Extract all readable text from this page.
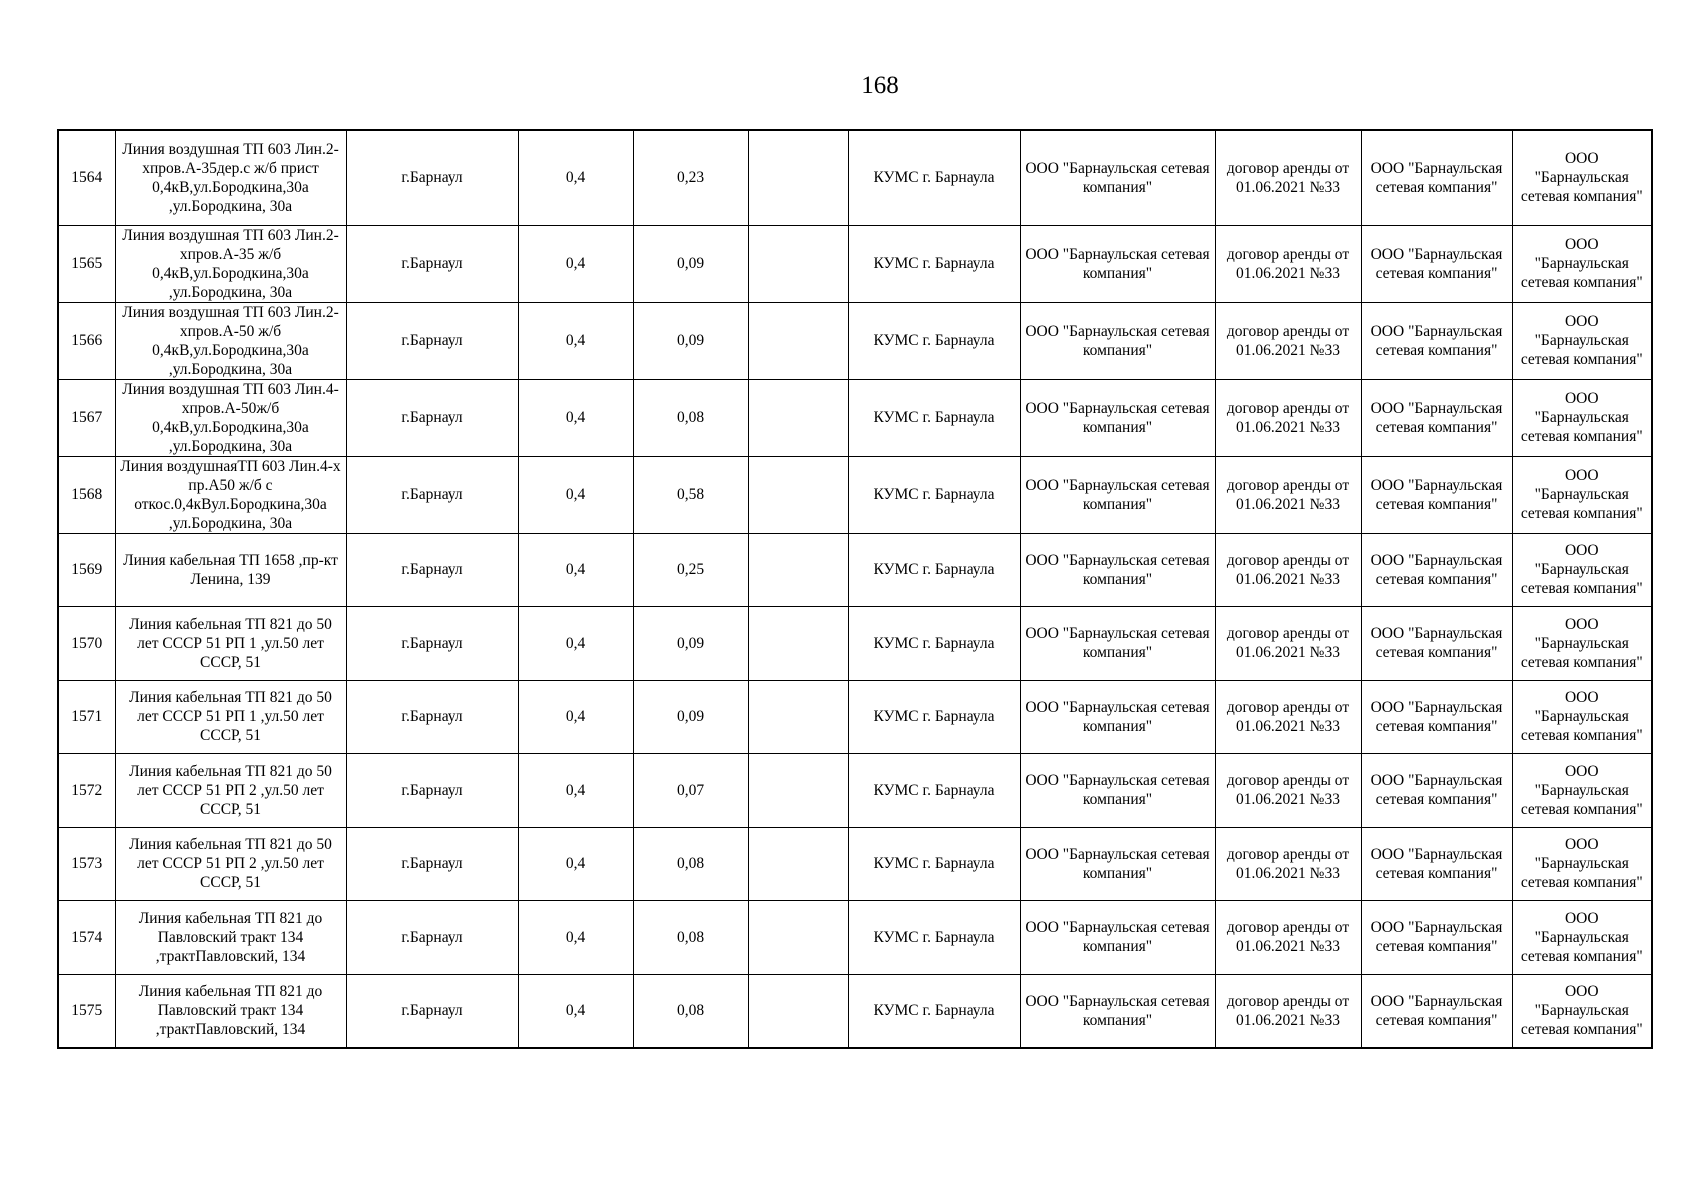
168
1564	Линия воздушная ТП 603 Лин.2-хпров.А-35дер.с ж/б прист 0,4кВ,ул.Бородкина,30а ,ул.Бородкина, 30а	г.Барнаул	0,4	0,23		КУМС г. Барнаула	ООО "Барнаульская сетевая компания"	договор аренды от 01.06.2021 №33	ООО "Барнаульская сетевая компания"	ООО "Барнаульская сетевая компания"

1565	Линия воздушная ТП 603 Лин.2-хпров.А-35 ж/б 0,4кВ,ул.Бородкина,30а ,ул.Бородкина, 30а	г.Барнаул	0,4	0,09		КУМС г. Барнаула	ООО "Барнаульская сетевая компания"	договор аренды от 01.06.2021 №33	ООО "Барнаульская сетевая компания"	ООО "Барнаульская сетевая компания"

1566	Линия воздушная ТП 603 Лин.2-хпров.А-50 ж/б 0,4кВ,ул.Бородкина,30а ,ул.Бородкина, 30а	г.Барнаул	0,4	0,09		КУМС г. Барнаула	ООО "Барнаульская сетевая компания"	договор аренды от 01.06.2021 №33	ООО "Барнаульская сетевая компания"	ООО "Барнаульская сетевая компания"

1567	Линия воздушная ТП 603 Лин.4-хпров.А-50ж/б 0,4кВ,ул.Бородкина,30а ,ул.Бородкина, 30а	г.Барнаул	0,4	0,08		КУМС г. Барнаула	ООО "Барнаульская сетевая компания"	договор аренды от 01.06.2021 №33	ООО "Барнаульская сетевая компания"	ООО "Барнаульская сетевая компания"

1568	Линия воздушнаяТП 603 Лин.4-х пр.А50 ж/б с откос.0,4кВул.Бородкина,30а ,ул.Бородкина, 30а	г.Барнаул	0,4	0,58		КУМС г. Барнаула	ООО "Барнаульская сетевая компания"	договор аренды от 01.06.2021 №33	ООО "Барнаульская сетевая компания"	ООО "Барнаульская сетевая компания"

1569	Линия кабельная ТП 1658 ,пр-кт Ленина, 139	г.Барнаул	0,4	0,25		КУМС г. Барнаула	ООО "Барнаульская сетевая компания"	договор аренды от 01.06.2021 №33	ООО "Барнаульская сетевая компания"	ООО "Барнаульская сетевая компания"

1570	Линия кабельная ТП 821 до 50 лет СССР 51 РП 1 ,ул.50 лет СССР, 51	г.Барнаул	0,4	0,09		КУМС г. Барнаула	ООО "Барнаульская сетевая компания"	договор аренды от 01.06.2021 №33	ООО "Барнаульская сетевая компания"	ООО "Барнаульская сетевая компания"

1571	Линия кабельная ТП 821 до 50 лет СССР 51 РП 1 ,ул.50 лет СССР, 51	г.Барнаул	0,4	0,09		КУМС г. Барнаула	ООО "Барнаульская сетевая компания"	договор аренды от 01.06.2021 №33	ООО "Барнаульская сетевая компания"	ООО "Барнаульская сетевая компания"

1572	Линия кабельная ТП 821 до 50 лет СССР 51 РП 2 ,ул.50 лет СССР, 51	г.Барнаул	0,4	0,07		КУМС г. Барнаула	ООО "Барнаульская сетевая компания"	договор аренды от 01.06.2021 №33	ООО "Барнаульская сетевая компания"	ООО "Барнаульская сетевая компания"

1573	Линия кабельная ТП 821 до 50 лет СССР 51 РП 2 ,ул.50 лет СССР, 51	г.Барнаул	0,4	0,08		КУМС г. Барнаула	ООО "Барнаульская сетевая компания"	договор аренды от 01.06.2021 №33	ООО "Барнаульская сетевая компания"	ООО "Барнаульская сетевая компания"

1574	Линия кабельная ТП 821 до Павловский тракт 134 ,трактПавловский, 134	г.Барнаул	0,4	0,08		КУМС г. Барнаула	ООО "Барнаульская сетевая компания"	договор аренды от 01.06.2021 №33	ООО "Барнаульская сетевая компания"	ООО "Барнаульская сетевая компания"

1575	Линия кабельная ТП 821 до Павловский тракт 134 ,трактПавловский, 134	г.Барнаул	0,4	0,08		КУМС г. Барнаула	ООО "Барнаульская сетевая компания"	договор аренды от 01.06.2021 №33	ООО "Барнаульская сетевая компания"	ООО "Барнаульская сетевая компания"
